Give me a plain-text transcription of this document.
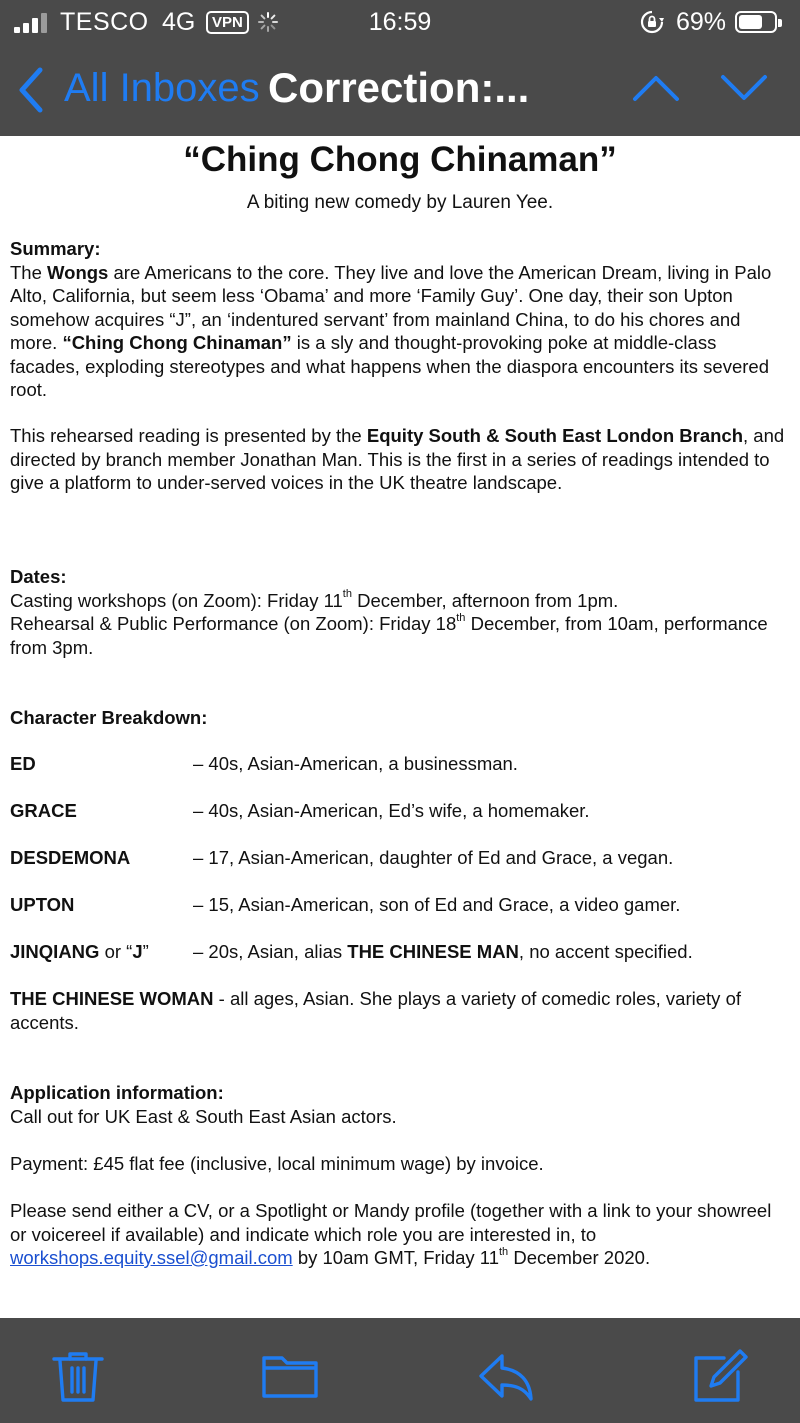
TESCO 4G	VPN	16:59	69%
All Inboxes Correction:...
“Ching Chong Chinaman”
A biting new comedy by Lauren Yee.
Summary:
The Wongs are Americans to the core. They live and love the American Dream, living in Palo Alto, California, but seem less ‘Obama’ and more ‘Family Guy’. One day, their son Upton somehow acquires “J”, an ‘indentured servant’ from mainland China, to do his chores and more. “Ching Chong Chinaman” is a sly and thought-provoking poke at middle-class facades, exploding stereotypes and what happens when the diaspora encounters its severed root.
This rehearsed reading is presented by the Equity South & South East London Branch, and directed by branch member Jonathan Man. This is the first in a series of readings intended to give a platform to under-served voices in the UK theatre landscape.
Dates:
Casting workshops (on Zoom): Friday 11th December, afternoon from 1pm.
Rehearsal & Public Performance (on Zoom): Friday 18th December, from 10am, performance from 3pm.
Character Breakdown:
ED	– 40s, Asian-American, a businessman.
GRACE	– 40s, Asian-American, Ed’s wife, a homemaker.
DESDEMONA	– 17, Asian-American, daughter of Ed and Grace, a vegan.
UPTON	– 15, Asian-American, son of Ed and Grace, a video gamer.
JINQIANG or “J” – 20s, Asian, alias THE CHINESE MAN, no accent specified.
THE CHINESE WOMAN - all ages, Asian. She plays a variety of comedic roles, variety of accents.
Application information:
Call out for UK East & South East Asian actors.
Payment: £45 flat fee (inclusive, local minimum wage) by invoice.
Please send either a CV, or a Spotlight or Mandy profile (together with a link to your showreel or voicereel if available) and indicate which role you are interested in, to workshops.equity.ssel@gmail.com by 10am GMT, Friday 11th December 2020.
